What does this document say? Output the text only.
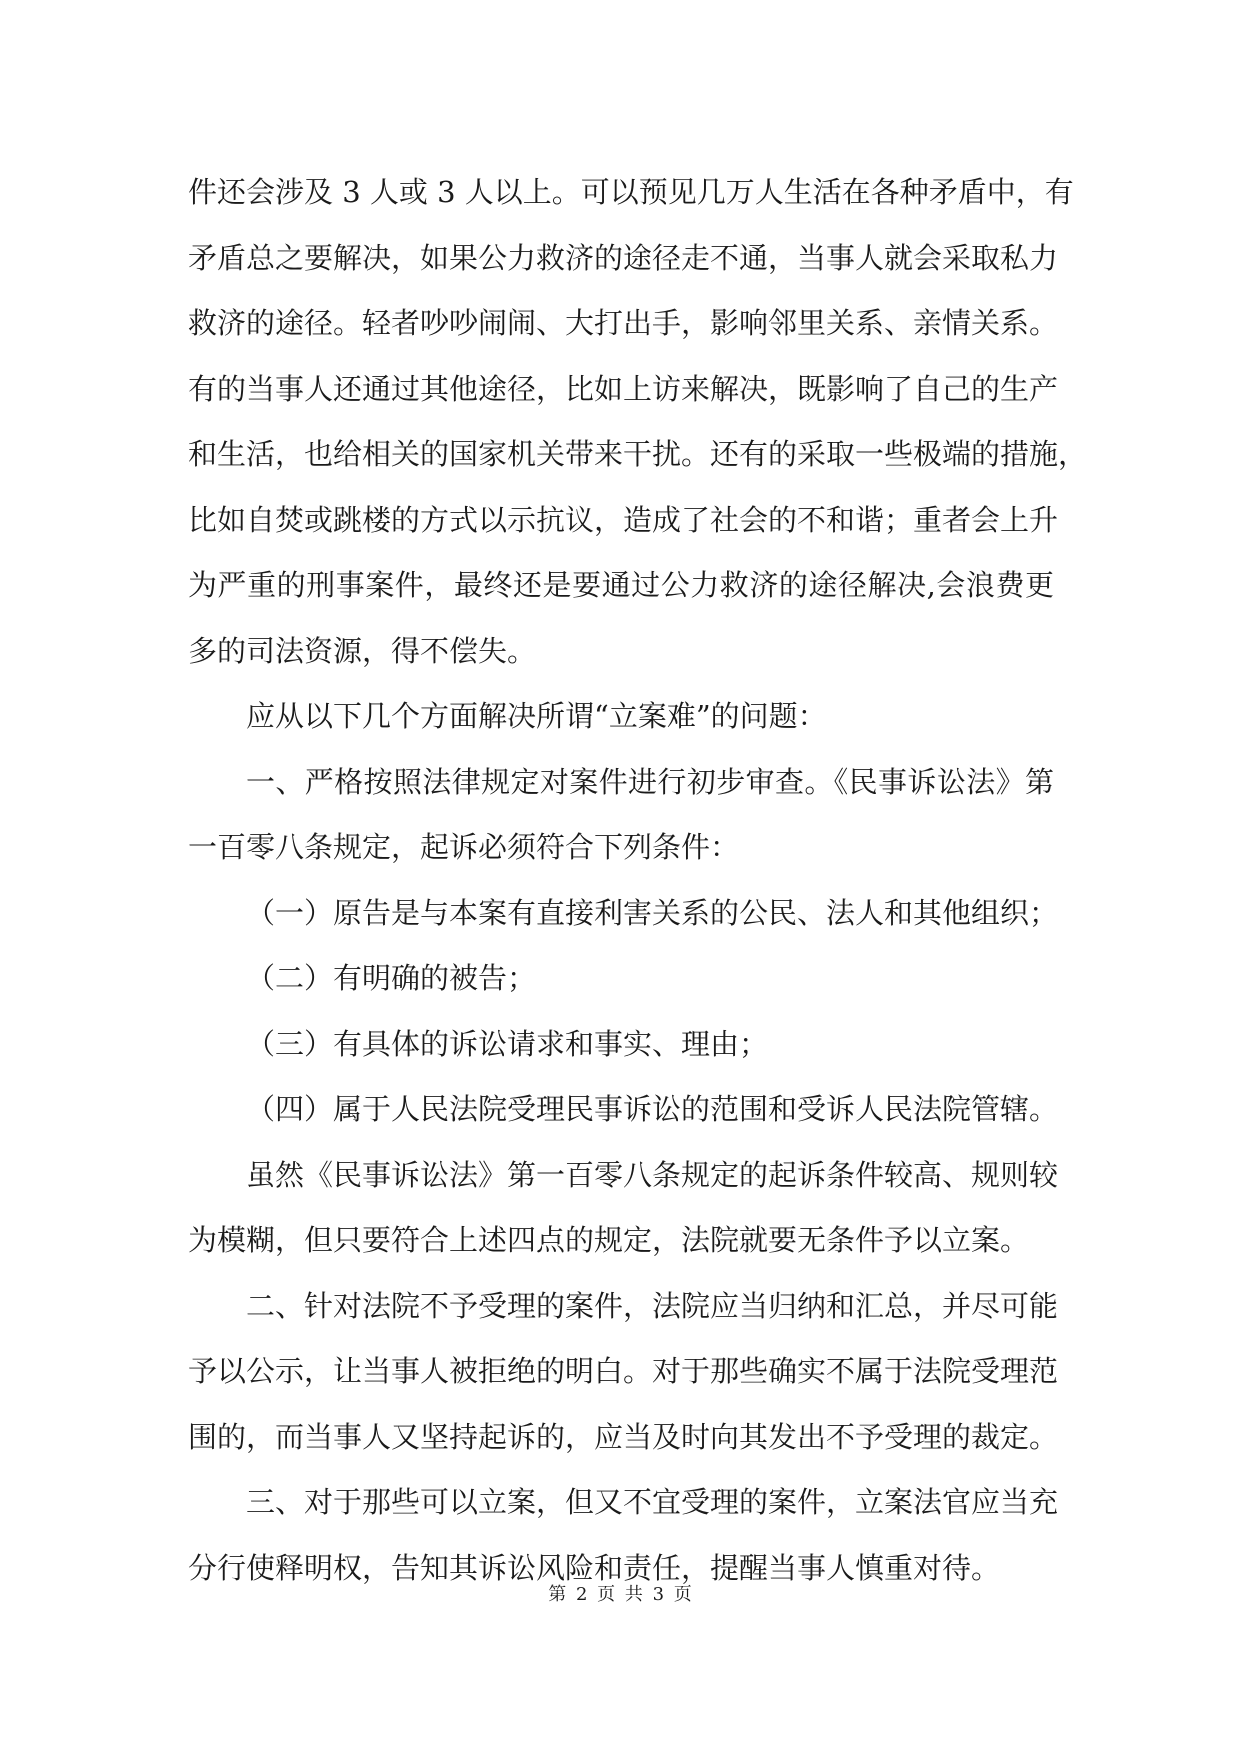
件还会涉及 3 人或 3 人以上。可以预见几万人生活在各种矛盾中，有

矛盾总之要解决，如果公力救济的途径走不通，当事人就会采取私力

救济的途径。轻者吵吵闹闹、大打出手，影响邻里关系、亲情关系。

有的当事人还通过其他途径，比如上访来解决，既影响了自己的生产

和生活，也给相关的国家机关带来干扰。还有的采取一些极端的措施，

比如自焚或跳楼的方式以示抗议，造成了社会的不和谐；重者会上升

为严重的刑事案件，最终还是要通过公力救济的途径解决,会浪费更

多的司法资源，得不偿失。

应从以下几个方面解决所谓“立案难”的问题：

一、严格按照法律规定对案件进行初步审查。《民事诉讼法》第

一百零八条规定，起诉必须符合下列条件：

（一）原告是与本案有直接利害关系的公民、法人和其他组织；

（二）有明确的被告；

（三）有具体的诉讼请求和事实、理由；

（四）属于人民法院受理民事诉讼的范围和受诉人民法院管辖。

虽然《民事诉讼法》第一百零八条规定的起诉条件较高、规则较

为模糊，但只要符合上述四点的规定，法院就要无条件予以立案。

二、针对法院不予受理的案件，法院应当归纳和汇总，并尽可能

予以公示，让当事人被拒绝的明白。对于那些确实不属于法院受理范

围的，而当事人又坚持起诉的，应当及时向其发出不予受理的裁定。

三、对于那些可以立案，但又不宜受理的案件，立案法官应当充

分行使释明权，告知其诉讼风险和责任，提醒当事人慎重对待。

第 2 页 共 3 页
